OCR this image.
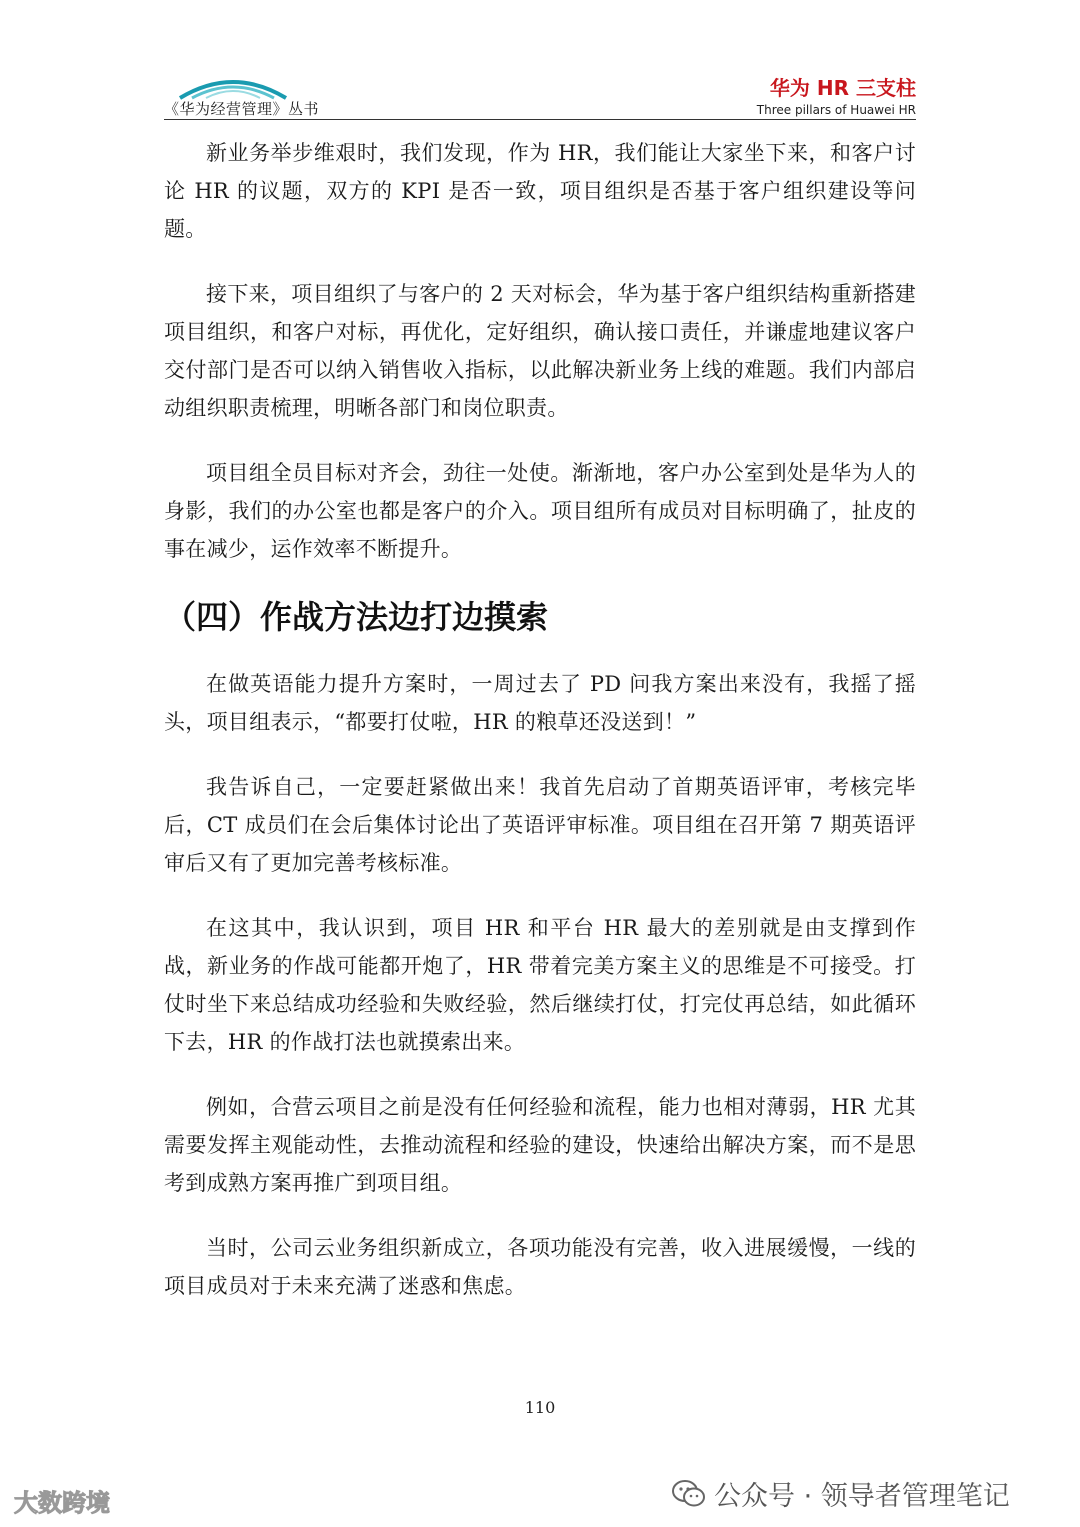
《华为经营管理》丛书
华为 HR 三支柱
Three pillars of Huawei HR

新业务举步维艰时，我们发现，作为 HR，我们能让大家坐下来，和客户讨论 HR 的议题，双方的 KPI 是否一致，项目组织是否基于客户组织建设等问题。

接下来，项目组织了与客户的 2 天对标会，华为基于客户组织结构重新搭建项目组织，和客户对标，再优化，定好组织，确认接口责任，并谦虚地建议客户交付部门是否可以纳入销售收入指标，以此解决新业务上线的难题。我们内部启动组织职责梳理，明晰各部门和岗位职责。

项目组全员目标对齐会，劲往一处使。渐渐地，客户办公室到处是华为人的身影，我们的办公室也都是客户的介入。项目组所有成员对目标明确了，扯皮的事在减少，运作效率不断提升。

（四）作战方法边打边摸索

在做英语能力提升方案时，一周过去了 PD 问我方案出来没有，我摇了摇头，项目组表示，“都要打仗啦，HR 的粮草还没送到！”

我告诉自己，一定要赶紧做出来！我首先启动了首期英语评审，考核完毕后，CT 成员们在会后集体讨论出了英语评审标准。项目组在召开第 7 期英语评审后又有了更加完善考核标准。

在这其中，我认识到，项目 HR 和平台 HR 最大的差别就是由支撑到作战，新业务的作战可能都开炮了，HR 带着完美方案主义的思维是不可接受。打仗时坐下来总结成功经验和失败经验，然后继续打仗，打完仗再总结，如此循环下去，HR 的作战打法也就摸索出来。

例如，合营云项目之前是没有任何经验和流程，能力也相对薄弱，HR 尤其需要发挥主观能动性，去推动流程和经验的建设，快速给出解决方案，而不是思考到成熟方案再推广到项目组。

当时，公司云业务组织新成立，各项功能没有完善，收入进展缓慢，一线的项目成员对于未来充满了迷惑和焦虑。

110
大数跨境	公众号 · 领导者管理笔记
